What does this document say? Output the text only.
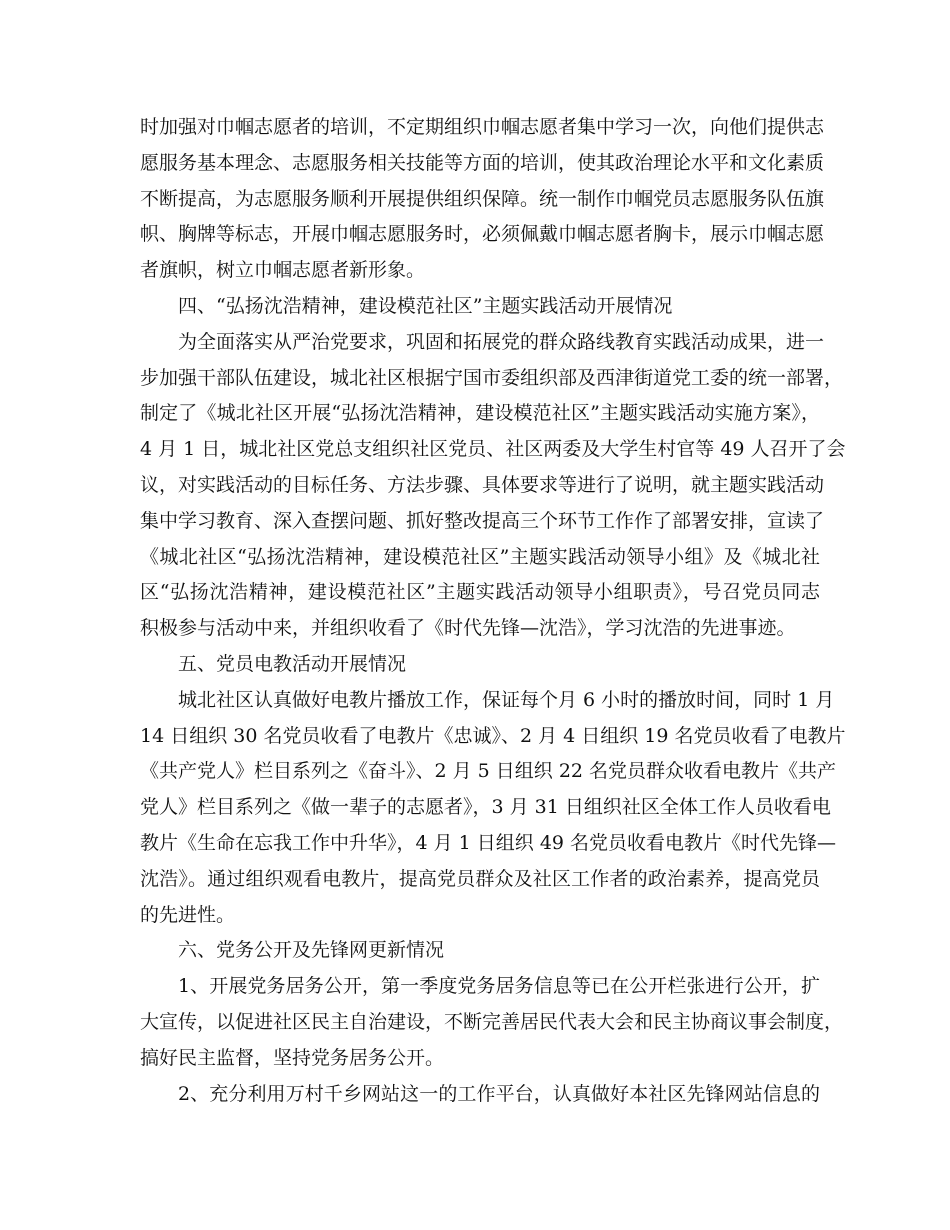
时加强对巾帼志愿者的培训，不定期组织巾帼志愿者集中学习一次，向他们提供志
愿服务基本理念、志愿服务相关技能等方面的培训，使其政治理论水平和文化素质
不断提高，为志愿服务顺利开展提供组织保障。统一制作巾帼党员志愿服务队伍旗
帜、胸牌等标志，开展巾帼志愿服务时，必须佩戴巾帼志愿者胸卡，展示巾帼志愿
者旗帜，树立巾帼志愿者新形象。
四、“弘扬沈浩精神，建设模范社区”主题实践活动开展情况
为全面落实从严治党要求，巩固和拓展党的群众路线教育实践活动成果，进一
步加强干部队伍建设，城北社区根据宁国市委组织部及西津街道党工委的统一部署，
制定了《城北社区开展“弘扬沈浩精神，建设模范社区”主题实践活动实施方案》，
4 月 1 日，城北社区党总支组织社区党员、社区两委及大学生村官等 49 人召开了会
议，对实践活动的目标任务、方法步骤、具体要求等进行了说明，就主题实践活动
集中学习教育、深入查摆问题、抓好整改提高三个环节工作作了部署安排，宣读了
《城北社区“弘扬沈浩精神，建设模范社区”主题实践活动领导小组》及《城北社
区“弘扬沈浩精神，建设模范社区”主题实践活动领导小组职责》，号召党员同志
积极参与活动中来，并组织收看了《时代先锋—沈浩》，学习沈浩的先进事迹。
五、党员电教活动开展情况
城北社区认真做好电教片播放工作，保证每个月 6 小时的播放时间，同时 1 月
14 日组织 30 名党员收看了电教片《忠诚》、2 月 4 日组织 19 名党员收看了电教片
《共产党人》栏目系列之《奋斗》、2 月 5 日组织 22 名党员群众收看电教片《共产
党人》栏目系列之《做一辈子的志愿者》，3 月 31 日组织社区全体工作人员收看电
教片《生命在忘我工作中升华》，4 月 1 日组织 49 名党员收看电教片《时代先锋—
沈浩》。通过组织观看电教片，提高党员群众及社区工作者的政治素养，提高党员
的先进性。
六、党务公开及先锋网更新情况
1、开展党务居务公开，第一季度党务居务信息等已在公开栏张进行公开，扩
大宣传，以促进社区民主自治建设，不断完善居民代表大会和民主协商议事会制度，
搞好民主监督，坚持党务居务公开。
2、充分利用万村千乡网站这一的工作平台，认真做好本社区先锋网站信息的
